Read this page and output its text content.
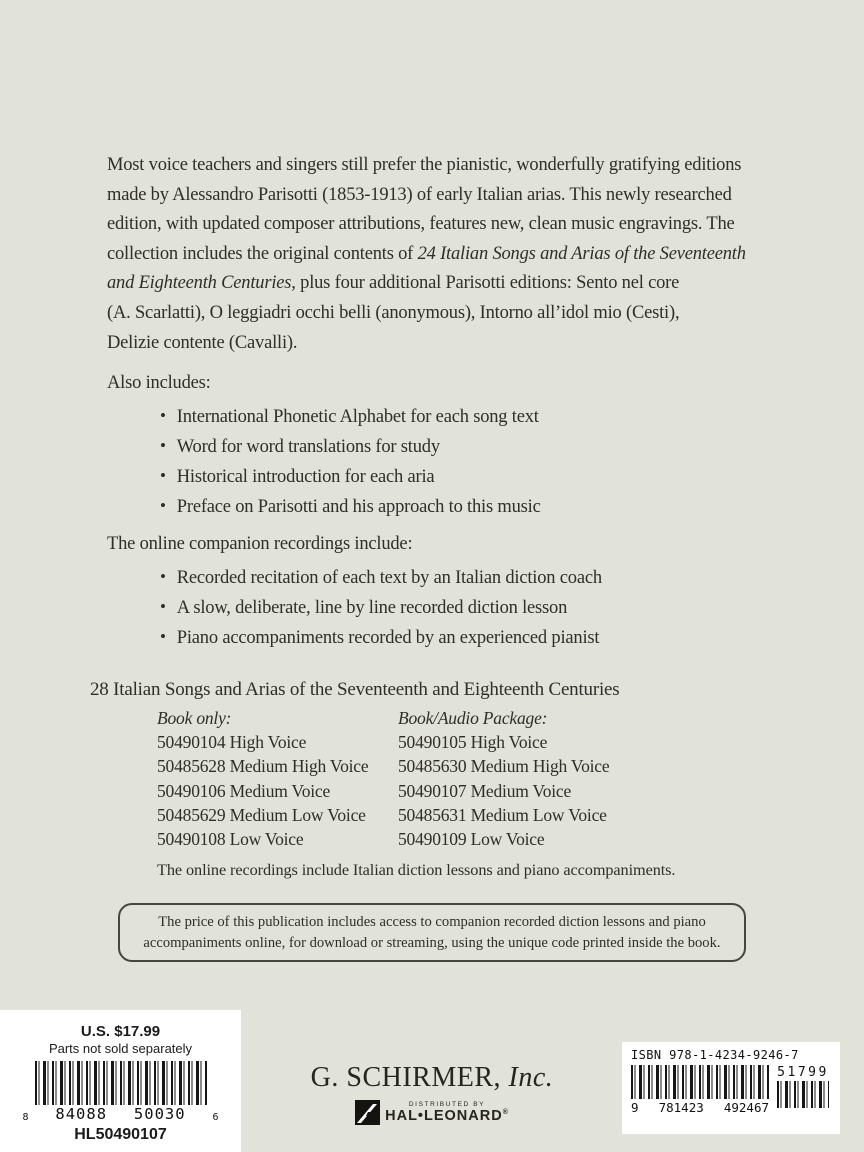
Most voice teachers and singers still prefer the pianistic, wonderfully gratifying editions
made by Alessandro Parisotti (1853-1913) of early Italian arias. This newly researched
edition, with updated composer attributions, features new, clean music engravings. The
collection includes the original contents of 24 Italian Songs and Arias of the Seventeenth
and Eighteenth Centuries, plus four additional Parisotti editions: Sento nel core
(A. Scarlatti), O leggiadri occhi belli (anonymous), Intorno all’idol mio (Cesti),
Delizie contente (Cavalli).
Also includes:
• International Phonetic Alphabet for each song text
• Word for word translations for study
• Historical introduction for each aria
• Preface on Parisotti and his approach to this music
The online companion recordings include:
• Recorded recitation of each text by an Italian diction coach
• A slow, deliberate, line by line recorded diction lesson
• Piano accompaniments recorded by an experienced pianist
28 Italian Songs and Arias of the Seventeenth and Eighteenth Centuries
Book only:	Book/Audio Package:
50490104 High Voice	50490105 High Voice
50485628 Medium High Voice	50485630 Medium High Voice
50490106 Medium Voice	50490107 Medium Voice
50485629 Medium Low Voice	50485631 Medium Low Voice
50490108 Low Voice	50490109 Low Voice
The online recordings include Italian diction lessons and piano accompaniments.
The price of this publication includes access to companion recorded diction lessons and piano
accompaniments online, for download or streaming, using the unique code printed inside the book.
U.S. $17.99
Parts not sold separately
8 84088 50030	6
HL50490107
G. SCHIRMER, Inc.
DISTRIBUTED BY
HAL•LEONARD®
ISBN 978-1-4234-9246-7
9 781423 492467
51799
